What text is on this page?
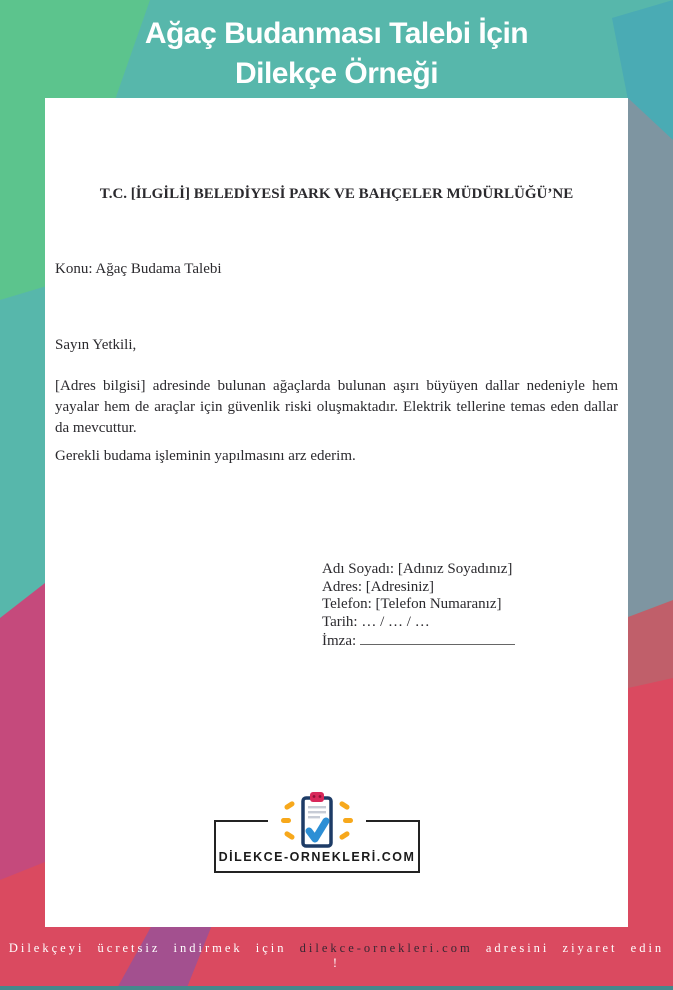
Ağaç Budanması Talebi İçin
Dilekçe Örneği
T.C. [İLGİLİ] BELEDİYESİ PARK VE BAHÇELER MÜDÜRLÜĞÜ’NE
Konu: Ağaç Budama Talebi
Sayın Yetkili,
[Adres bilgisi] adresinde bulunan ağaçlarda bulunan aşırı büyüyen dallar nedeniyle hem yayalar hem de araçlar için güvenlik riski oluşmaktadır. Elektrik tellerine temas eden dallar da mevcuttur.
Gerekli budama işleminin yapılmasını arz ederim.
Adı Soyadı: [Adınız Soyadınız]
Adres: [Adresiniz]
Telefon: [Telefon Numaranız]
Tarih: … / … / …
İmza:
DİLEKCE-ORNEKLERİ.COM
Dilekçeyi ücretsiz indirmek için dilekce-ornekleri.com adresini ziyaret edin !
